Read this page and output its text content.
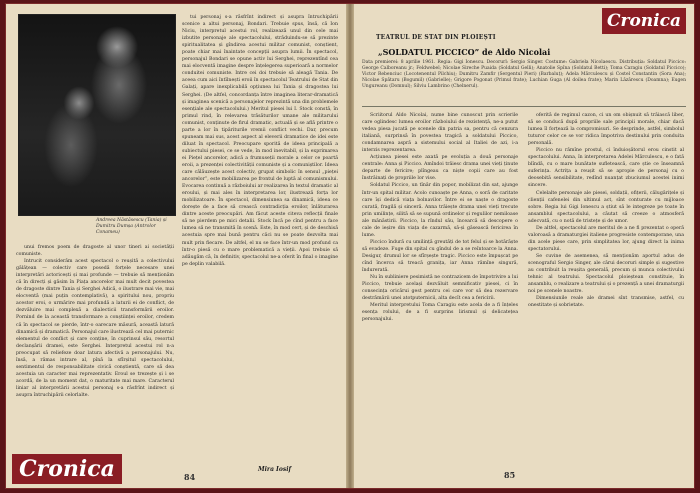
Andreea Năstăsescu (Tania) și Dumitru Dumșa (Antrolor Conameu)

unui fremos poem de dragoste al unor tineri ai societății comuniste.

Intrucit considerăm acest spectacol o reușită a colectivului gălățean — colectiv care posedă forțele necesare unei interpretări actoricești și mai profunde — trebuie să menționăm că în direcți și găsim în Piața ancorelor mai mult decit povestea de dragoste dintre Tania și Serghei Adică, o ilustrare mai vie, mai elocventă (mai puțin contemplativă), a spiritului nou, propriu acestor eroi, o urmărire mai profundă a laturii ei de conflict, de dezvăluire mai complexă a dialecticii transformării eroilor. Pornind de la această transformare a conștiinței eroilor, credem că în spectacol se pierde, într-o oarecare măsură, această latură dinamică și dramatică. Personajul care ilustrează cel mai puternic elementul de conflict și care conține, în cuprinsul său, resortul declanșării dramei, este Serghei. Interpretul acestui rol n-a preocupat să reliefeze doar latura afectivă a personajului. Nu, însă, a rămas intrare al, pînă la sfîrșitul spectacolului, sentimentul de responsabilitate civică conștientă, care să dea acestuia un caracter mai reprezentativ. Eroul se trezește și i se acordă, de la un moment dat, o maturitate mai mare. Caracterul liniar al interpretării acestui personaj s-a răsfrînt indirect și asupra întruchipării celorlalte.

tui personaj s-a răsfrînt indirect și asupra întruchipării scenice a altui personaj, Bondari. Trebuie spus, însă, că Ion Niciu, interpretul acestui rol, realizează unul din cele mai izbutite personaje ale spectacolului, străduindu-se să prezinte spiritualitatea și gîndirea acestui militar comunist, conștient, poate chiar mai înaintate concepții asupra lumii. În spectacol, personajul Bondari se opune activ lui Serghei, reprezentînd cea mai elocventă imagine despre înțelegerea superioară a normelor conduitei comuniste. Intre cei doi trebuie să aleagă Tania. De aceea cum aici întîlnești eroii în spectacolul Teatrului de Stat din Galați, apare inexplicabilă opțiunea lui Tania și dragostea lui Serghei. (De altfel, concordanța între imaginea literar-dramatică și imaginea scenică a personajelor reprezintă una din problemele esențiale ale spectacolului.) Meritul piesei lui I. Stock constă, în primul rind, în relevarea trăsăturilor umane ale militarului comunist, conținute de firul dramatic, actuală și se află printre o parte a lor în tipăriturile vremii conflict vechi. Dar, precum spuneam mai sus, acest aspect al eleverii dramatice de idei este diluat în spectacol. Preocupare sporită de ideea principală a subiectului piesei, ce se vede, în mod inevitabil, și la exprimarea ei Piețel ancorelor, adică a frumuseții morale a celor ce poartă eroii, a prezenței colectivității comuniste și a comuniștilor. Ideea care călăuzește acest colectiv, grupat simbolic în sensul „pieței ancorelor”, este mobilizarea pe frontul de luptă al comunismului. Evocarea continuă a războiului ar realizarea în textul dramatic al eroului, și mai ales în interpretarea lor, ilustrează forța lor mobilizatoare. În spectacol, dimensiunea sa dinamică, ideea ce dorește de a face să crească contradicția eroilor, înlăturarea dintre aceste preocupări. Am făcut aceste citeva reflecții finale să ne pierdem pe mici detalii. Stock încă pe cînd pentru a face lumea să ne transmită în scenă. Este, în mod cert, și de deschisă acestuia spre mai bună pentru căci nu se poate dezvolta mai mult prin fiecare. De altfel, el nu se face într-un mod profund ca într-o piesă cu o mare problematică a vieții. Apoi trebuie să adăugăm că, în definitiv, spectacolul ne-a oferit în final o imagine pe deplin valabilă.

Mira Iosif
84
Cronica
Cronica
TEATRUL DE STAT DIN PLOIEȘTI
„SOLDATUL PICCICO” de Aldo Nicolai
Data premierei: 8 aprilie 1961. Regia: Gigi Ionescu. Decorurl: Sergio Singer. Costume: Gabriela Nicolaescu. Distribuția: Soldatul Piccico: George Calboreanu jr.; Feldwebel; Nicolae Sireche Puaida (Soldatul Gelli); Anatolie Spîna (Soldatul Betti); Toma Caragiu (Soldatul Piccico); Victor Rebenciuc (Locotenentul Pilchiu); Dumitru Zamfir (Sergentul Pieri) (Barbaluț); Adela Mărculescu și Costel Constantin (Sora Ana); Nicolae Spătaru (Bogumil) (Gabrielle); Grigore Pogonat (Primul frate); Luchian Guga (Al doilea frate); Marin Lăzărescu (Doamna); Eugen Ungureanu (Domnul); Silviu Lambrino (Chelnerul).

Scriitorul Aldo Nicolai, nume bine cunoscut prin scrierile care oglindesc lumea eroilor războiului de rezistență, ne-a putut vedea piesa jucată pe scenele din patria sa, pentru că cenzura italiană, surprinsă în povestea tragică a soldatului Piccico, condamnarea aspră a sistemului social al Italiei de azi, i-a interzis reprezentarea.

Acțiunea piesei este axată pe evoluția a două personaje centrale: Anna și Piccico. Amîndoi trăiesc drama unei vieți ținute departe de fericire; plîngeau ca niște copii care au fost înstrăinați de propriile lor vise.

Soldatul Piccico, un tînăr din popor, mobilizat din sat, ajunge într-un spital militar. Acolo cunoaște pe Anna, o soră de caritate care își dedică viața bolnavilor. Între ei se naște o dragoste curată, fragilă și sinceră. Anna trăiește drama unei vieți trecute prin umilințe, silită să se supună ordinelor și regulilor nemiloase ale mănăstirii. Piccico, la rîndul său, încearcă să descopere o cale de ieșire din viața de cazarmă, să-și găsească fericirea în lume.

Piccico îndură cu umilință greutăți de tot felul și se hotărăște să evadeze. Fuge din spital cu gîndul de a se reîntoarce la Anna. Desigur, drumul lor se sfîrșește tragic. Piccico este împușcat pe cînd încerca să treacă granița, iar Anna rămîne singură, îndurerată.

Nu în subliniere pesimistă ne contrazicem de împotrivire a lui Piccico, trebuie același dezvăluit semnificativ piesei, ci în consecința oricărui gest pentru cei care vor să dea rezervare destrămării unei atotputernicii, alta decît cea a fericirii.

Meritul interpretului Toma Caragiu este acela de a fi înțeles esența rolului, de a fi surprins lirismul și delicatețea personajului.

oferită de regimul cazon, ci un om obișnuit să trăiască liber, să se conducă după propriile sale principii morale, chiar dacă lumea îl forțează la compromisuri. Se desprinde, astfel, simbolul tuturor celor ce se vor ridica împotriva destinului prin conduita personală.

Piccico nu rămîne prostul, ci înduioșătorul erou cinstit al spectacolului. Anna, în interpretarea Adelei Mărculescu, e o fată blîndă, cu o mare bunătate sufletească, care știe ce înseamnă suferința. Actrița a reușit să se apropie de personaj cu o deosebită sensibilitate, redînd nuanțat zbuciumul acestei inimi sincere.

Celelalte personaje ale piesei, soldații, ofițerii, călugărițele și clienții cafenelei din ultimul act, sînt conturate cu mijloace sobre. Regia lui Gigi Ionescu a știut să le integreze pe toate în ansamblul spectacolului, a căutat să creeze o atmosferă adecvată, cu o notă de tristețe și de umor.

De altfel, spectacolul are meritul de a ne fi prezentat o operă valoroasă a dramaturgiei italiene progresiste contemporane, una din acele piese care, prin simplitatea lor, ajung direct la inima spectatorului.

Se cuvine de asemenea, să menționăm aportul adus de scenograful Sergio Singer, ale cărui decoruri simple și sugestive au contribuit la reușita generală, precum și munca colectivului tehnic al teatrului. Spectacolul ploieștean constituie, în ansamblu, o realizare a teatrului și o prezență a unei dramaturgii noi pe scenele noastre.

Dimensiunile reale ale dramei sînt transmise, astfel, cu onestitate și sobrietate.

85
